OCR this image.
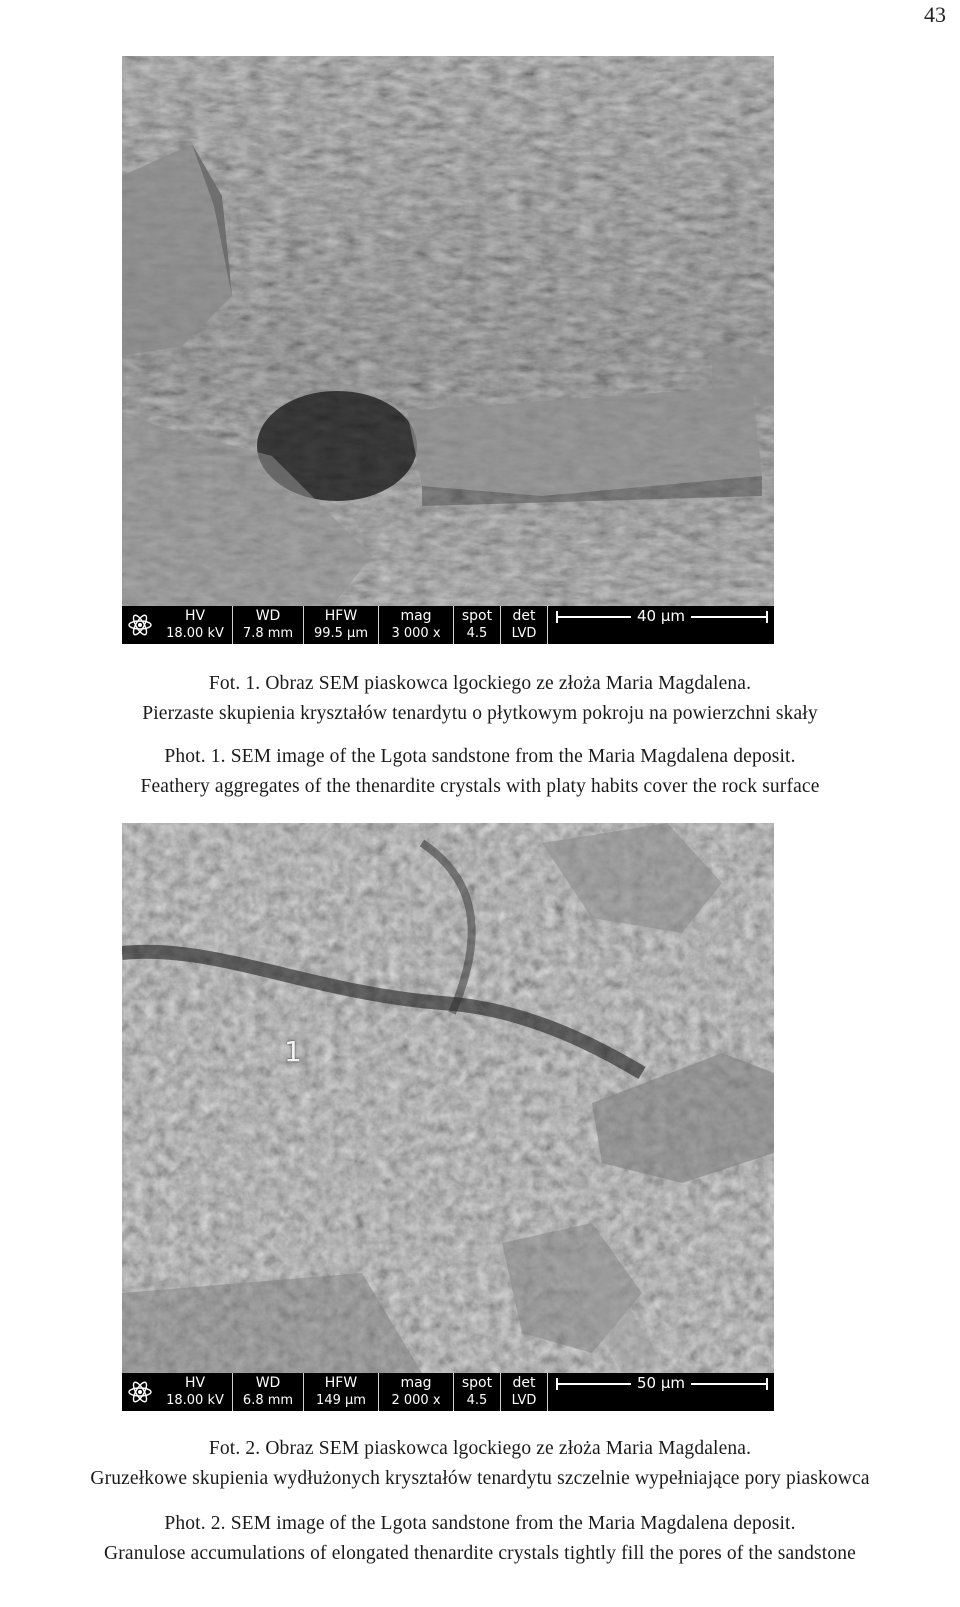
43
HV
18.00 kV
WD
7.8 mm
HFW
99.5 µm
mag
3 000 x
spot
4.5
det
LVD
40 µm

Fot. 1. Obraz SEM piaskowca lgockiego ze złoża Maria Magdalena.

Pierzaste skupienia kryształów tenardytu o płytkowym pokroju na powierzchni skały

Phot. 1. SEM image of the Lgota sandstone from the Maria Magdalena deposit.

Feathery aggregates of the thenardite crystals with platy habits cover the rock surface

1
HV
18.00 kV
WD
6.8 mm
HFW
149 µm
mag
2 000 x
spot
4.5
det
LVD
50 µm

Fot. 2. Obraz SEM piaskowca lgockiego ze złoża Maria Magdalena.

Gruzełkowe skupienia wydłużonych kryształów tenardytu szczelnie wypełniające pory piaskowca

Phot. 2. SEM image of the Lgota sandstone from the Maria Magdalena deposit.

Granulose accumulations of elongated thenardite crystals tightly fill the pores of the sandstone
